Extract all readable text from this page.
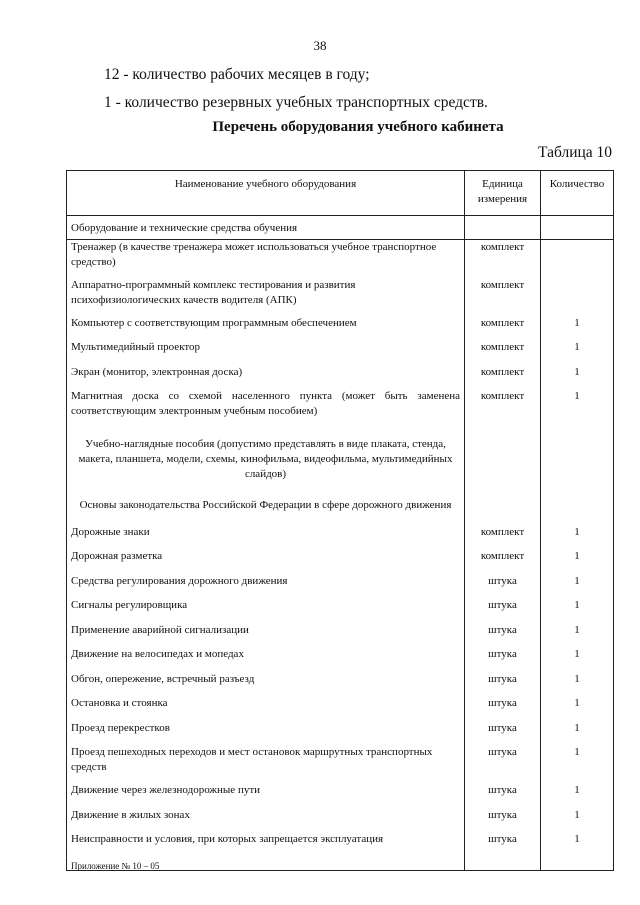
38
12 - количество рабочих месяцев в году;
1 - количество резервных учебных транспортных средств.
Перечень оборудования учебного кабинета
Таблица 10
Наименование учебного оборудования	Единица измерения	Количество
Оборудование и технические средства обучения		
Тренажер (в качестве тренажера может использоваться учебное транспортное средство)	комплект	
Аппаратно-программный комплекс тестирования и развития психофизиологических качеств водителя (АПК)	комплект	
Компьютер с соответствующим программным обеспечением	комплект	1
Мультимедийный проектор	комплект	1
Экран (монитор, электронная доска)	комплект	1
Магнитная доска со схемой населенного пункта (может быть заменена соответствующим электронным учебным пособием)	комплект	1
Учебно-наглядные пособия (допустимо представлять в виде плаката, стенда, макета, планшета, модели, схемы, кинофильма, видеофильма, мультимедийных слайдов)		
Основы законодательства Российской Федерации в сфере дорожного движения		
Дорожные знаки	комплект	1
Дорожная разметка	комплект	1
Средства регулирования дорожного движения	штука	1
Сигналы регулировщика	штука	1
Применение аварийной сигнализации	штука	1
Движение на велосипедах и мопедах	штука	1
Обгон, опережение, встречный разъезд	штука	1
Остановка и стоянка	штука	1
Проезд перекрестков	штука	1
Проезд пешеходных переходов и мест остановок маршрутных транспортных средств	штука	1
Движение через железнодорожные пути	штука	1
Движение в жилых зонах	штука	1
Неисправности и условия, при которых запрещается эксплуатация	штука	1
Приложение № 10 – 05
